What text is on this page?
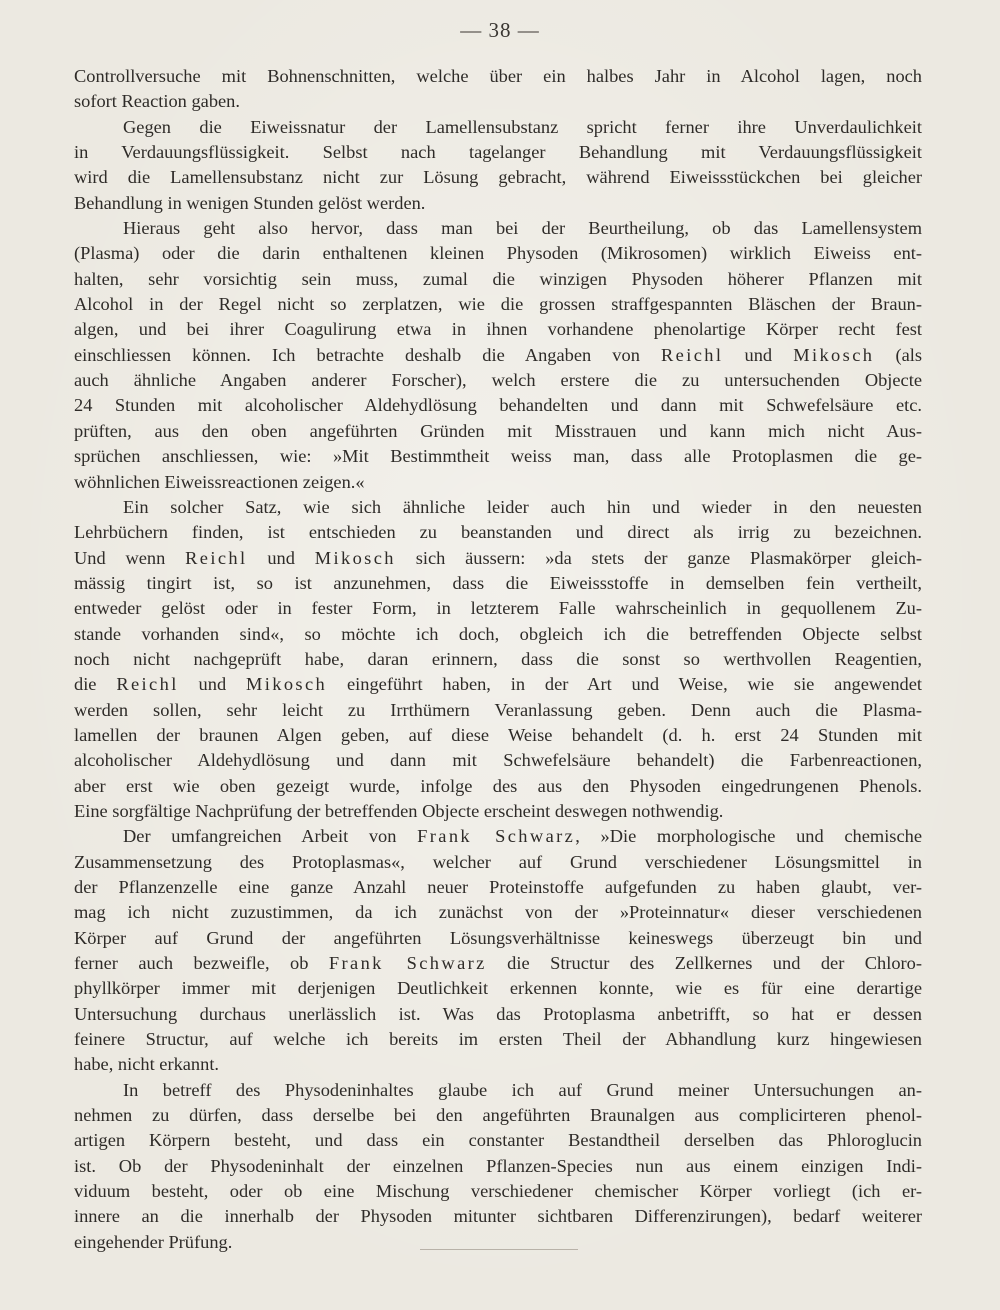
— 38 —
Controllversuche mit Bohnenschnitten, welche über ein halbes Jahr in Alcohol lagen, noch
sofort Reaction gaben.
Gegen die Eiweissnatur der Lamellensubstanz spricht ferner ihre Unverdaulichkeit
in Verdauungsflüssigkeit. Selbst nach tagelanger Behandlung mit Verdauungsflüssigkeit
wird die Lamellensubstanz nicht zur Lösung gebracht, während Eiweissstückchen bei gleicher
Behandlung in wenigen Stunden gelöst werden.
Hieraus geht also hervor, dass man bei der Beurtheilung, ob das Lamellensystem
(Plasma) oder die darin enthaltenen kleinen Physoden (Mikrosomen) wirklich Eiweiss ent-
halten, sehr vorsichtig sein muss, zumal die winzigen Physoden höherer Pflanzen mit
Alcohol in der Regel nicht so zerplatzen, wie die grossen straffgespannten Bläschen der Braun-
algen, und bei ihrer Coagulirung etwa in ihnen vorhandene phenolartige Körper recht fest
einschliessen können. Ich betrachte deshalb die Angaben von Reichl und Mikosch (als
auch ähnliche Angaben anderer Forscher), welch erstere die zu untersuchenden Objecte
24 Stunden mit alcoholischer Aldehydlösung behandelten und dann mit Schwefelsäure etc.
prüften, aus den oben angeführten Gründen mit Misstrauen und kann mich nicht Aus-
sprüchen anschliessen, wie: »Mit Bestimmtheit weiss man, dass alle Protoplasmen die ge-
wöhnlichen Eiweissreactionen zeigen.«
Ein solcher Satz, wie sich ähnliche leider auch hin und wieder in den neuesten
Lehrbüchern finden, ist entschieden zu beanstanden und direct als irrig zu bezeichnen.
Und wenn Reichl und Mikosch sich äussern: »da stets der ganze Plasmakörper gleich-
mässig tingirt ist, so ist anzunehmen, dass die Eiweissstoffe in demselben fein vertheilt,
entweder gelöst oder in fester Form, in letzterem Falle wahrscheinlich in gequollenem Zu-
stande vorhanden sind«, so möchte ich doch, obgleich ich die betreffenden Objecte selbst
noch nicht nachgeprüft habe, daran erinnern, dass die sonst so werthvollen Reagentien,
die Reichl und Mikosch eingeführt haben, in der Art und Weise, wie sie angewendet
werden sollen, sehr leicht zu Irrthümern Veranlassung geben. Denn auch die Plasma-
lamellen der braunen Algen geben, auf diese Weise behandelt (d. h. erst 24 Stunden mit
alcoholischer Aldehydlösung und dann mit Schwefelsäure behandelt) die Farbenreactionen,
aber erst wie oben gezeigt wurde, infolge des aus den Physoden eingedrungenen Phenols.
Eine sorgfältige Nachprüfung der betreffenden Objecte erscheint deswegen nothwendig.
Der umfangreichen Arbeit von Frank Schwarz, »Die morphologische und chemische
Zusammensetzung des Protoplasmas«, welcher auf Grund verschiedener Lösungsmittel in
der Pflanzenzelle eine ganze Anzahl neuer Proteinstoffe aufgefunden zu haben glaubt, ver-
mag ich nicht zuzustimmen, da ich zunächst von der »Proteinnatur« dieser verschiedenen
Körper auf Grund der angeführten Lösungsverhältnisse keineswegs überzeugt bin und
ferner auch bezweifle, ob Frank Schwarz die Structur des Zellkernes und der Chloro-
phyllkörper immer mit derjenigen Deutlichkeit erkennen konnte, wie es für eine derartige
Untersuchung durchaus unerlässlich ist. Was das Protoplasma anbetrifft, so hat er dessen
feinere Structur, auf welche ich bereits im ersten Theil der Abhandlung kurz hingewiesen
habe, nicht erkannt.
In betreff des Physodeninhaltes glaube ich auf Grund meiner Untersuchungen an-
nehmen zu dürfen, dass derselbe bei den angeführten Braunalgen aus complicirteren phenol-
artigen Körpern besteht, und dass ein constanter Bestandtheil derselben das Phloroglucin
ist. Ob der Physodeninhalt der einzelnen Pflanzen-Species nun aus einem einzigen Indi-
viduum besteht, oder ob eine Mischung verschiedener chemischer Körper vorliegt (ich er-
innere an die innerhalb der Physoden mitunter sichtbaren Differenzirungen), bedarf weiterer
eingehender Prüfung.
